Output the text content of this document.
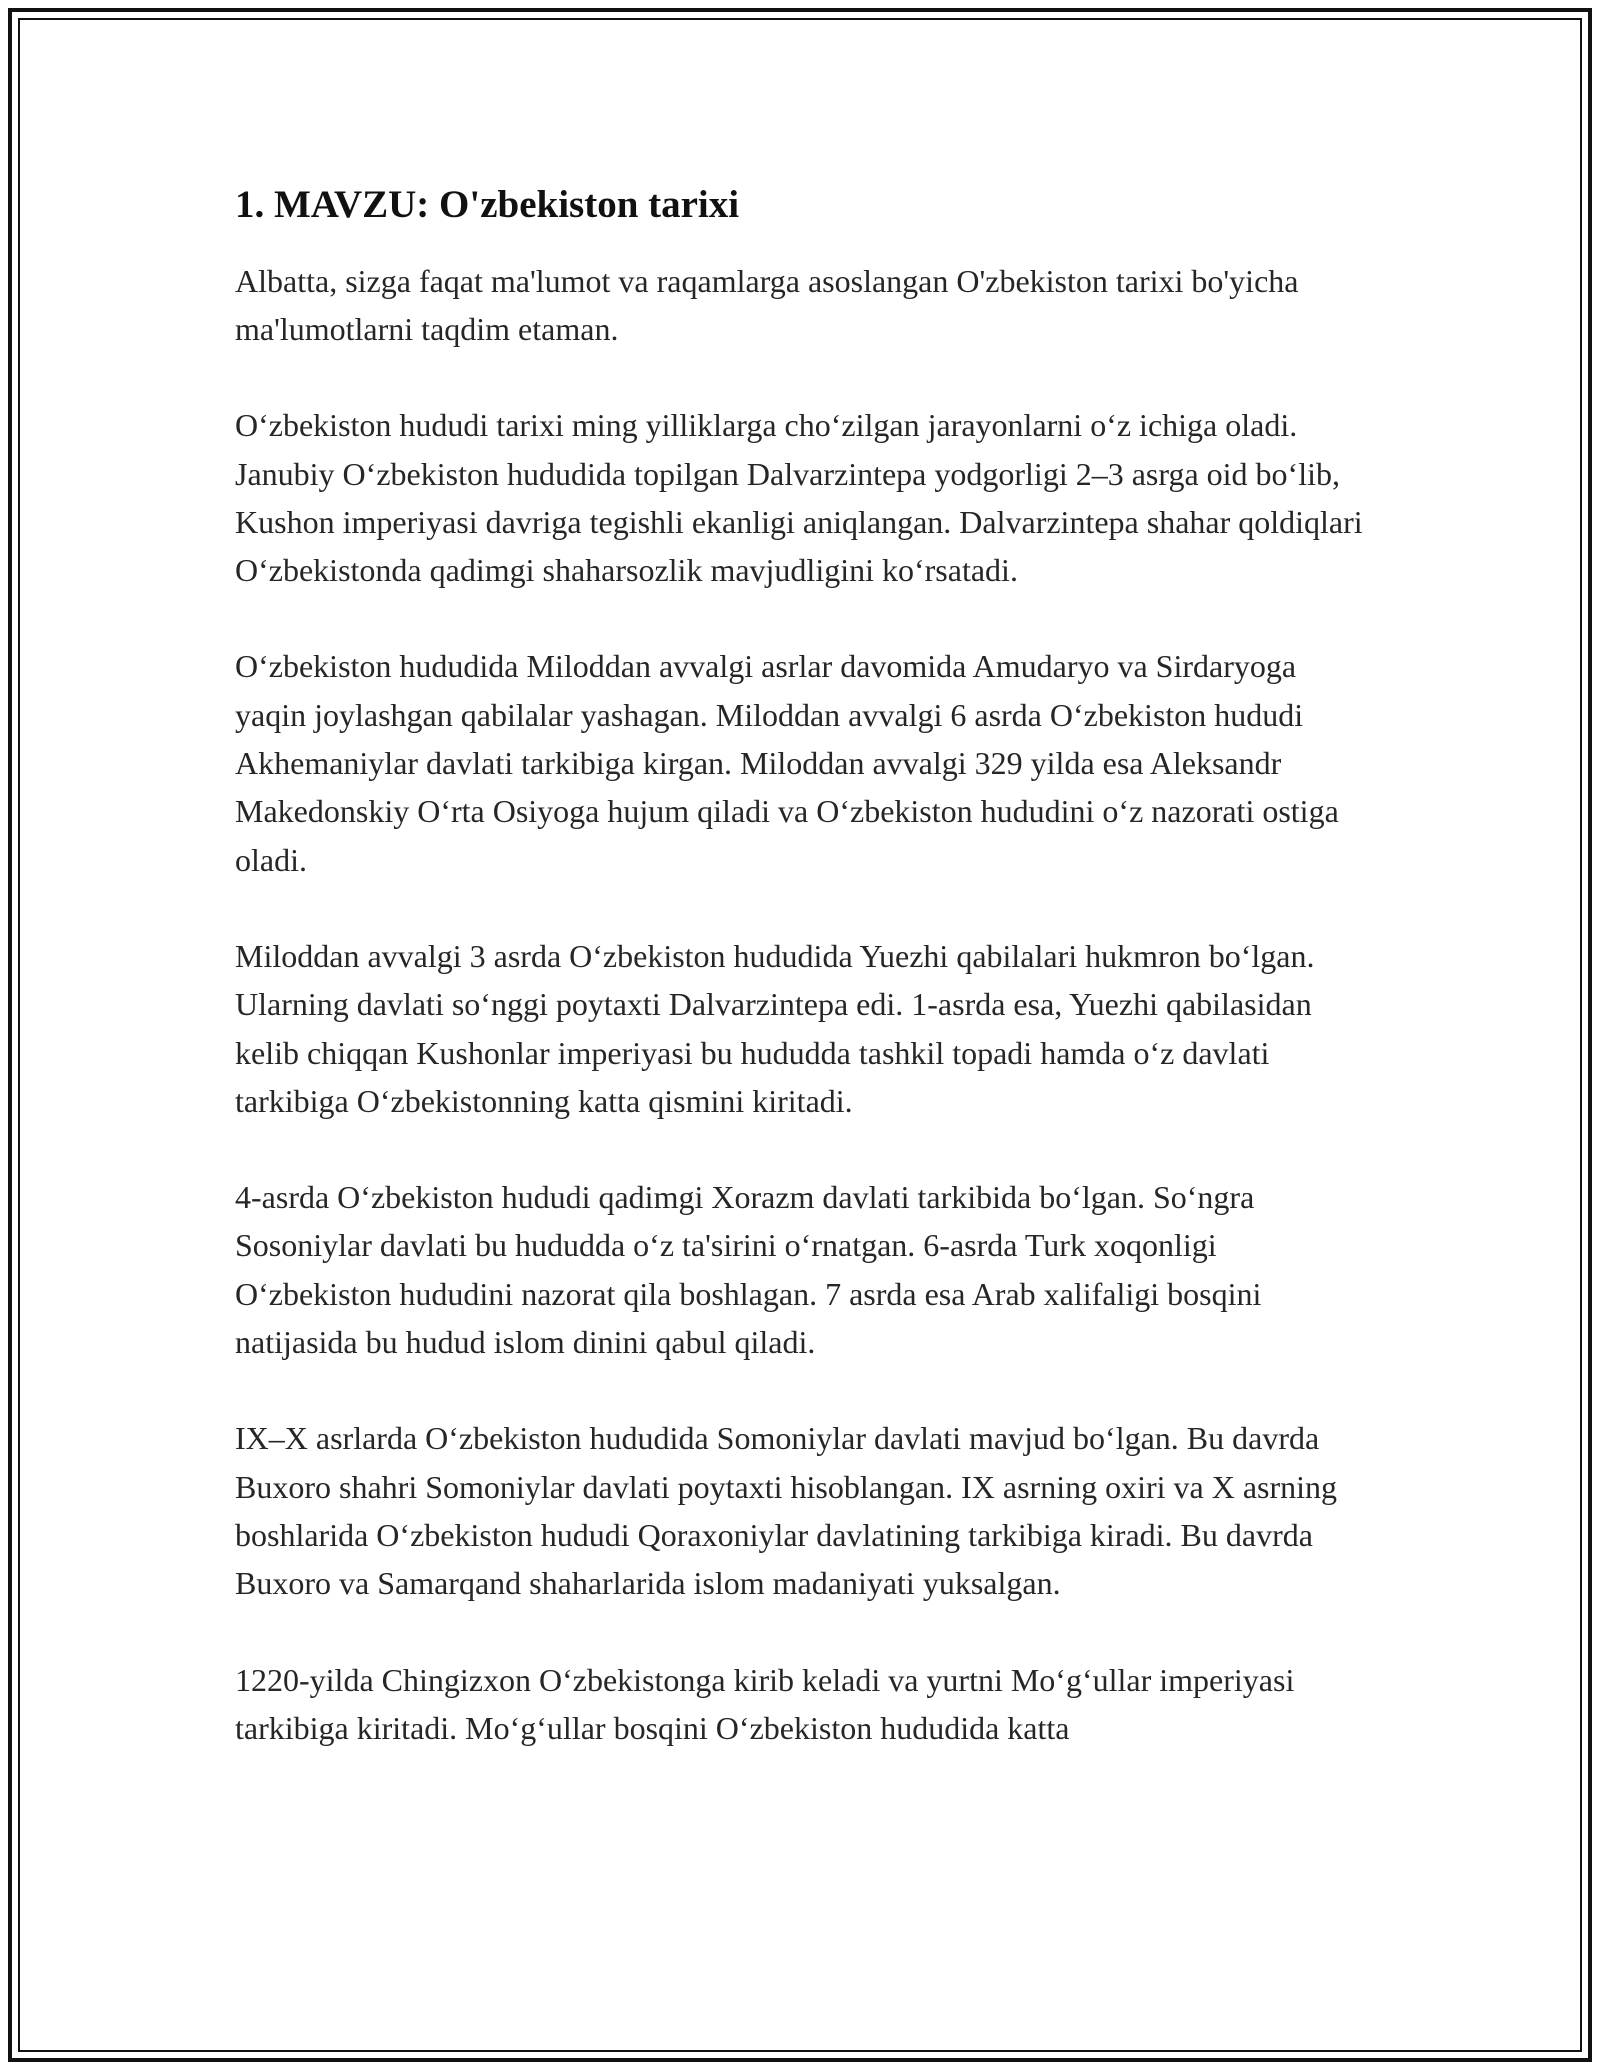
1. MAVZU: O'zbekiston tarixi

Albatta, sizga faqat ma'lumot va raqamlarga asoslangan O'zbekiston tarixi bo'yicha ma'lumotlarni taqdim etaman.

O‘zbekiston hududi tarixi ming yilliklarga cho‘zilgan jarayonlarni o‘z ichiga oladi. Janubiy O‘zbekiston hududida topilgan Dalvarzintepa yodgorligi 2–3 asrga oid bo‘lib, Kushon imperiyasi davriga tegishli ekanligi aniqlangan. Dalvarzintepa shahar qoldiqlari O‘zbekistonda qadimgi shaharsozlik mavjudligini ko‘rsatadi.

O‘zbekiston hududida Miloddan avvalgi asrlar davomida Amudaryo va Sirdaryoga yaqin joylashgan qabilalar yashagan. Miloddan avvalgi 6 asrda O‘zbekiston hududi Akhemaniylar davlati tarkibiga kirgan. Miloddan avvalgi 329 yilda esa Aleksandr Makedonskiy O‘rta Osiyoga hujum qiladi va O‘zbekiston hududini o‘z nazorati ostiga oladi.

Miloddan avvalgi 3 asrda O‘zbekiston hududida Yuezhi qabilalari hukmron bo‘lgan. Ularning davlati so‘nggi poytaxti Dalvarzintepa edi. 1-asrda esa, Yuezhi qabilasidan kelib chiqqan Kushonlar imperiyasi bu hududda tashkil topadi hamda o‘z davlati tarkibiga O‘zbekistonning katta qismini kiritadi.

4-asrda O‘zbekiston hududi qadimgi Xorazm davlati tarkibida bo‘lgan. So‘ngra Sosoniylar davlati bu hududda o‘z ta'sirini o‘rnatgan. 6-asrda Turk xoqonligi O‘zbekiston hududini nazorat qila boshlagan. 7 asrda esa Arab xalifaligi bosqini natijasida bu hudud islom dinini qabul qiladi.

IX–X asrlarda O‘zbekiston hududida Somoniylar davlati mavjud bo‘lgan. Bu davrda Buxoro shahri Somoniylar davlati poytaxti hisoblangan. IX asrning oxiri va X asrning boshlarida O‘zbekiston hududi Qoraxoniylar davlatining tarkibiga kiradi. Bu davrda Buxoro va Samarqand shaharlarida islom madaniyati yuksalgan.

1220-yilda Chingizxon O‘zbekistonga kirib keladi va yurtni Mo‘g‘ullar imperiyasi tarkibiga kiritadi. Mo‘g‘ullar bosqini O‘zbekiston hududida katta
